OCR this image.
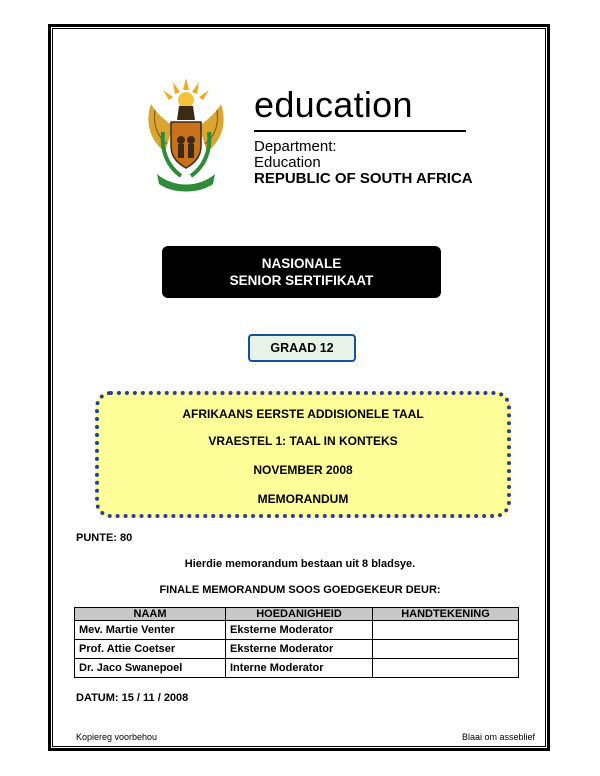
education
Department:
Education
REPUBLIC OF SOUTH AFRICA
NASIONALE
SENIOR SERTIFIKAAT
GRAAD 12
AFRIKAANS EERSTE ADDISIONELE TAAL
VRAESTEL 1: TAAL IN KONTEKS
NOVEMBER 2008
MEMORANDUM
PUNTE: 80
Hierdie memorandum bestaan uit 8 bladsye.
FINALE MEMORANDUM SOOS GOEDGEKEUR DEUR:
NAAM	HOEDANIGHEID	HANDTEKENING
Mev. Martie Venter	Eksterne Moderator	
Prof. Attie Coetser	Eksterne Moderator	
Dr. Jaco Swanepoel	Interne Moderator	
DATUM: 15 / 11 / 2008
Kopiereg voorbehou	Blaai om asseblief
